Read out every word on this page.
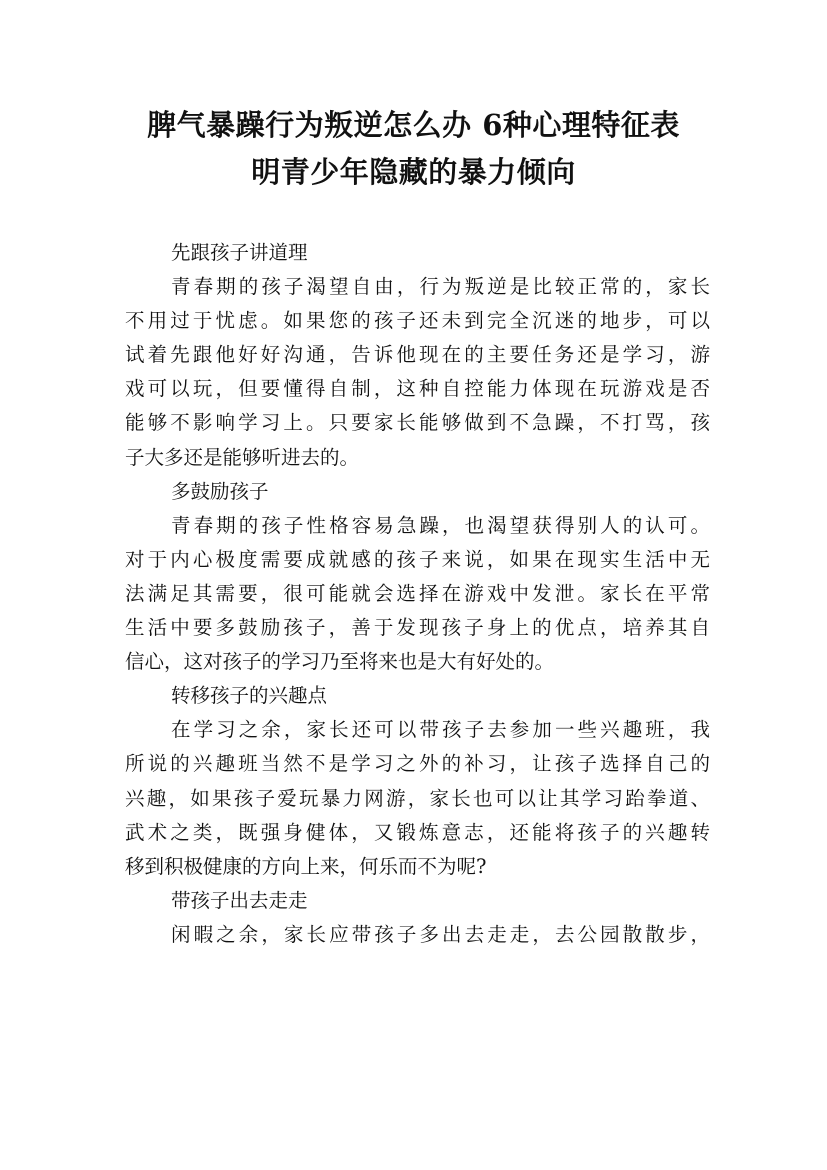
脾气暴躁行为叛逆怎么办 6种心理特征表
明青少年隐藏的暴力倾向
先跟孩子讲道理
青春期的孩子渴望自由，行为叛逆是比较正常的，家长
不用过于忧虑。如果您的孩子还未到完全沉迷的地步，可以
试着先跟他好好沟通，告诉他现在的主要任务还是学习，游
戏可以玩，但要懂得自制，这种自控能力体现在玩游戏是否
能够不影响学习上。只要家长能够做到不急躁，不打骂，孩
子大多还是能够听进去的。
多鼓励孩子
青春期的孩子性格容易急躁，也渴望获得别人的认可。
对于内心极度需要成就感的孩子来说，如果在现实生活中无
法满足其需要，很可能就会选择在游戏中发泄。家长在平常
生活中要多鼓励孩子，善于发现孩子身上的优点，培养其自
信心，这对孩子的学习乃至将来也是大有好处的。
转移孩子的兴趣点
在学习之余，家长还可以带孩子去参加一些兴趣班，我
所说的兴趣班当然不是学习之外的补习，让孩子选择自己的
兴趣，如果孩子爱玩暴力网游，家长也可以让其学习跆拳道、
武术之类，既强身健体，又锻炼意志，还能将孩子的兴趣转
移到积极健康的方向上来，何乐而不为呢?
带孩子出去走走
闲暇之余，家长应带孩子多出去走走，去公园散散步，
